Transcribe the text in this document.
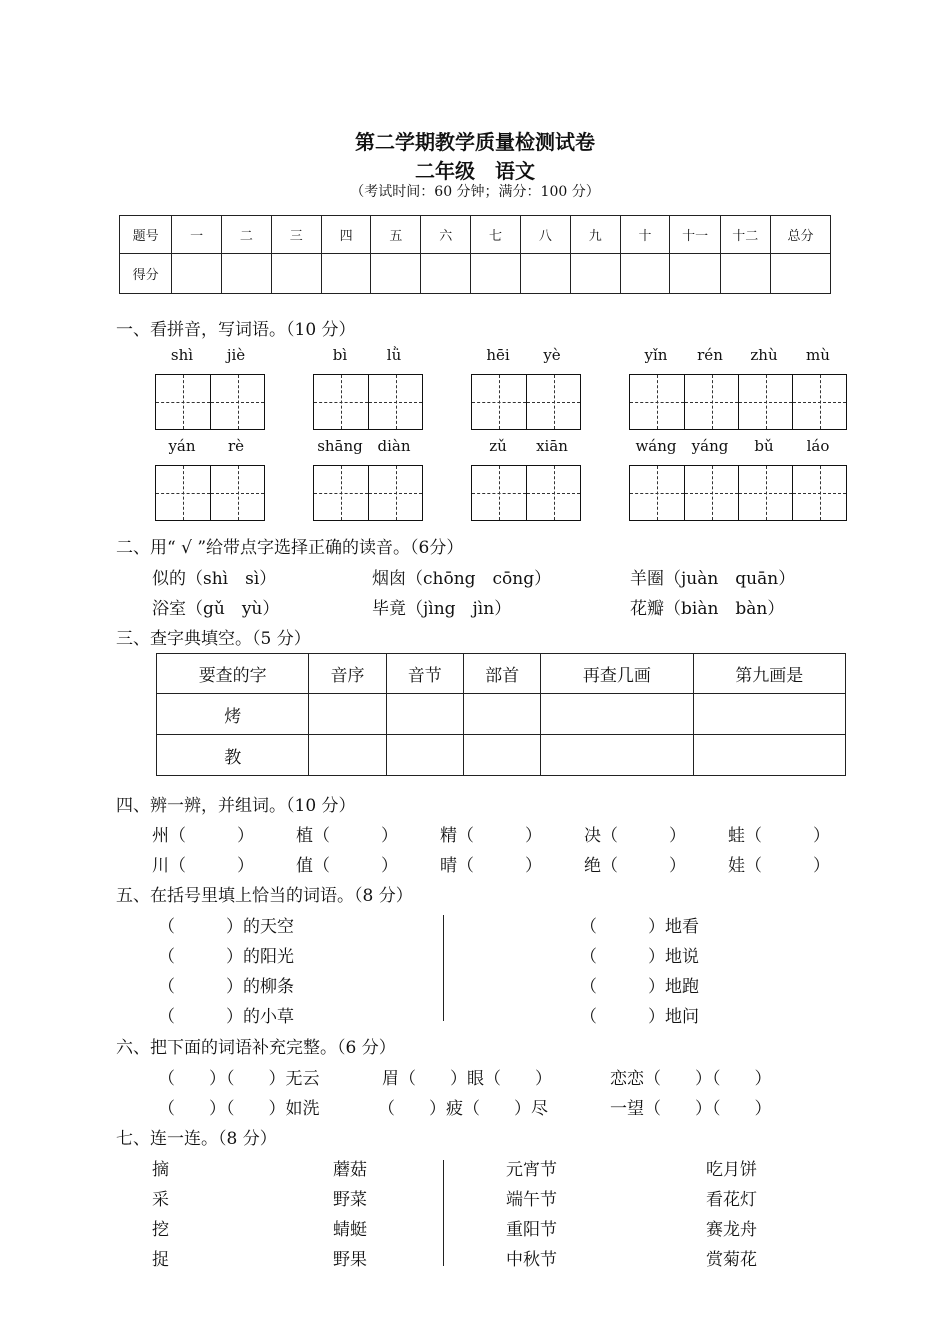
第二学期教学质量检测试卷
二年级　语文
（考试时间：60 分钟；满分：100 分）
题号	一	二	三	四	五	六	七	八	九	十	十一	十二	总分
得分													
一、看拼音，写词语。（10 分）
shì	jiè	bì	lǜ	hēi	yè	yǐn	rén	zhù	mù
yán	rè	shāng diàn	zǔ	xiān	wáng	yáng	bǔ	láo
二、用“ √ ”给带点字选择正确的读音。（6分）
似的（shì　sì）	烟囱（chōng　cōng）	羊圈（juàn　quān）
浴室（gǔ　yù）	毕竟（jìng　jìn）	花瓣（biàn　bàn）
三、查字典填空。（5 分）
要查的字	音序	音节	部首	再查几画	第九画是
烤					
教					
四、辨一辨，并组词。（10 分）
州（　　　） 植（　　　） 精（　　　） 决（　　　） 蛙（　　　）
川（　　　） 值（　　　） 晴（　　　） 绝（　　　） 娃（　　　）
五、在括号里填上恰当的词语。（8 分）
（　　　）的天空
（　　　）的阳光
（　　　）的柳条
（　　　）的小草
（　　　）地看
（　　　）地说
（　　　）地跑
（　　　）地问
六、把下面的词语补充完整。（6 分）
（　　）（　　）无云	眉（　　）眼（　　）	恋恋（　　）（　　）
（　　）（　　）如洗	（　　）疲（　　）尽	一望（　　）（　　）
七、连一连。（8 分）
摘
采
挖
捉
蘑菇
野菜
蜻蜓
野果
元宵节
端午节
重阳节
中秋节
吃月饼
看花灯
赛龙舟
赏菊花
